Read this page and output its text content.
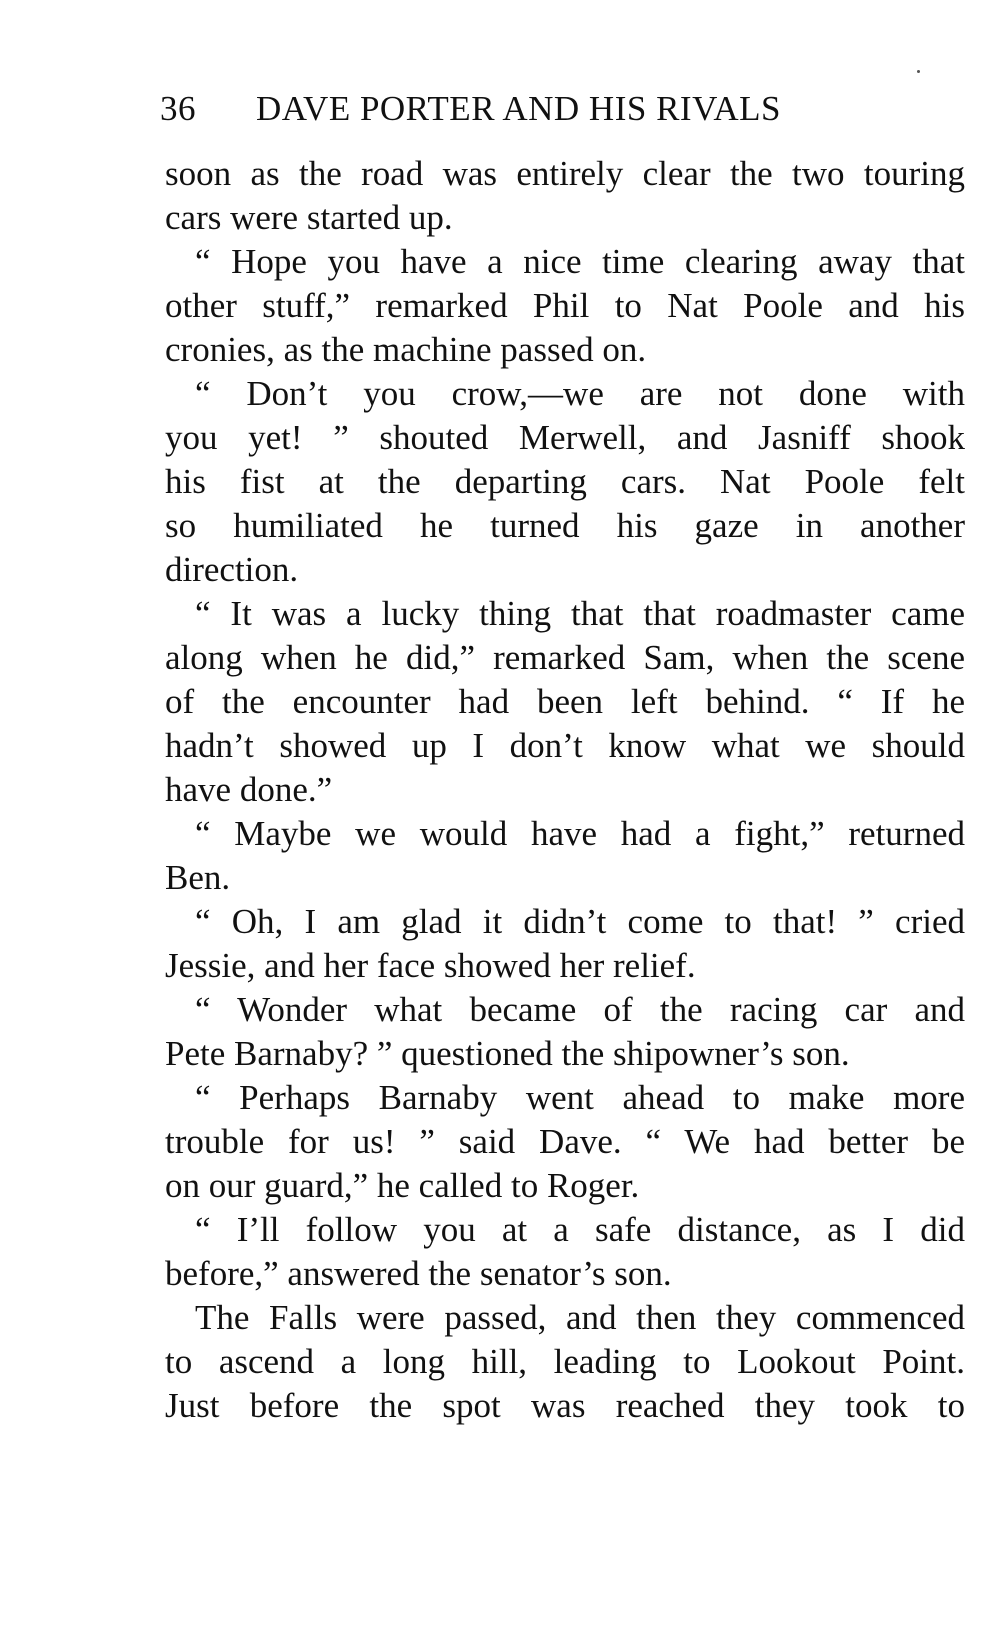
36 DAVE PORTER AND HIS RIVALS
soon as the road was entirely clear the two touring
cars were started up.
“ Hope you have a nice time clearing away that
other stuff,” remarked Phil to Nat Poole and his
cronies, as the machine passed on.
“ Don’t you crow,—we are not done with
you yet! ” shouted Merwell, and Jasniff shook
his fist at the departing cars. Nat Poole felt
so humiliated he turned his gaze in another
direction.
“ It was a lucky thing that that roadmaster came
along when he did,” remarked Sam, when the scene
of the encounter had been left behind. “ If he
hadn’t showed up I don’t know what we should
have done.”
“ Maybe we would have had a fight,” returned
Ben.
“ Oh, I am glad it didn’t come to that! ” cried
Jessie, and her face showed her relief.
“ Wonder what became of the racing car and
Pete Barnaby? ” questioned the shipowner’s son.
“ Perhaps Barnaby went ahead to make more
trouble for us! ” said Dave. “ We had better be
on our guard,” he called to Roger.
“ I’ll follow you at a safe distance, as I did
before,” answered the senator’s son.
The Falls were passed, and then they commenced
to ascend a long hill, leading to Lookout Point.
Just before the spot was reached they took to
